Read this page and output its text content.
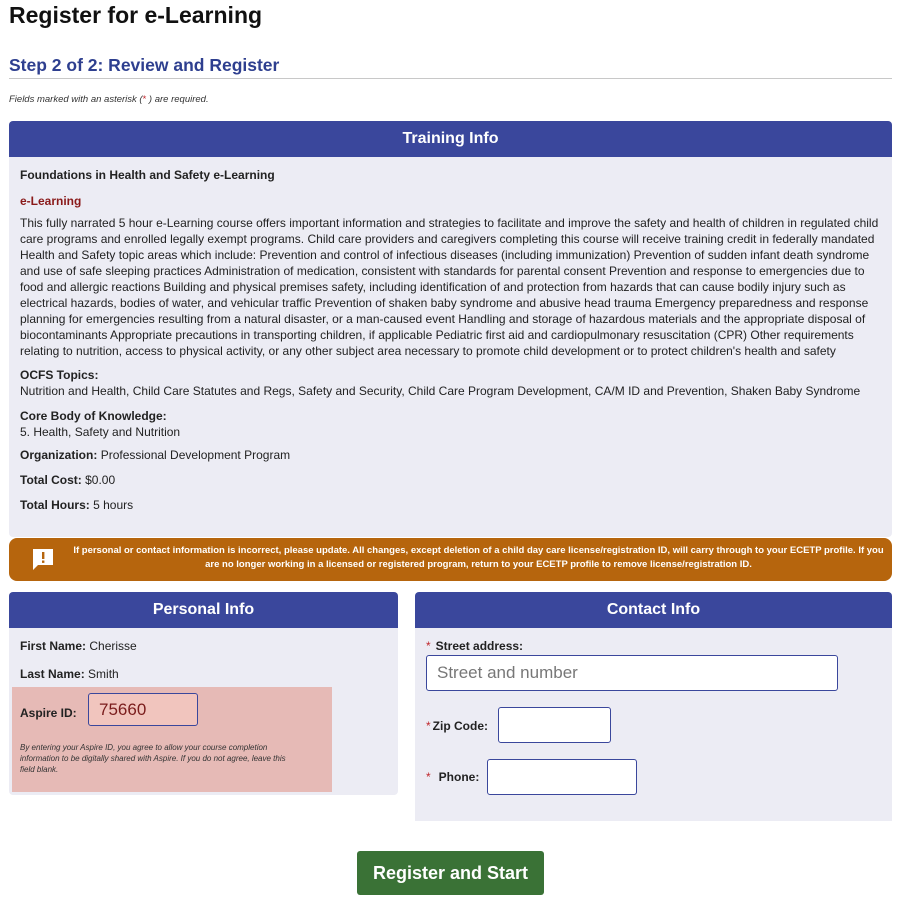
Register for e-Learning
Step 2 of 2: Review and Register
Fields marked with an asterisk (* ) are required.
Training Info
Foundations in Health and Safety e-Learning
e-Learning
This fully narrated 5 hour e-Learning course offers important information and strategies to facilitate and improve the safety and health of children in regulated child care programs and enrolled legally exempt programs. Child care providers and caregivers completing this course will receive training credit in federally mandated Health and Safety topic areas which include: Prevention and control of infectious diseases (including immunization) Prevention of sudden infant death syndrome and use of safe sleeping practices Administration of medication, consistent with standards for parental consent Prevention and response to emergencies due to food and allergic reactions Building and physical premises safety, including identification of and protection from hazards that can cause bodily injury such as electrical hazards, bodies of water, and vehicular traffic Prevention of shaken baby syndrome and abusive head trauma Emergency preparedness and response planning for emergencies resulting from a natural disaster, or a man-caused event Handling and storage of hazardous materials and the appropriate disposal of biocontaminants Appropriate precautions in transporting children, if applicable Pediatric first aid and cardiopulmonary resuscitation (CPR) Other requirements relating to nutrition, access to physical activity, or any other subject area necessary to promote child development or to protect children's health and safety
OCFS Topics:
Nutrition and Health, Child Care Statutes and Regs, Safety and Security, Child Care Program Development, CA/M ID and Prevention, Shaken Baby Syndrome
Core Body of Knowledge:
5. Health, Safety and Nutrition
Organization: Professional Development Program
Total Cost: $0.00
Total Hours: 5 hours
If personal or contact information is incorrect, please update. All changes, except deletion of a child day care license/registration ID, will carry through to your ECETP profile. If you are no longer working in a licensed or registered program, return to your ECETP profile to remove license/registration ID.
Personal Info
First Name: Cherisse
Last Name: Smith
Aspire ID:
75660
By entering your Aspire ID, you agree to allow your course completion information to be digitally shared with Aspire. If you do not agree, leave this field blank.
Contact Info
* Street address:
Street and number
* Zip Code:
* Phone:
Register and Start
